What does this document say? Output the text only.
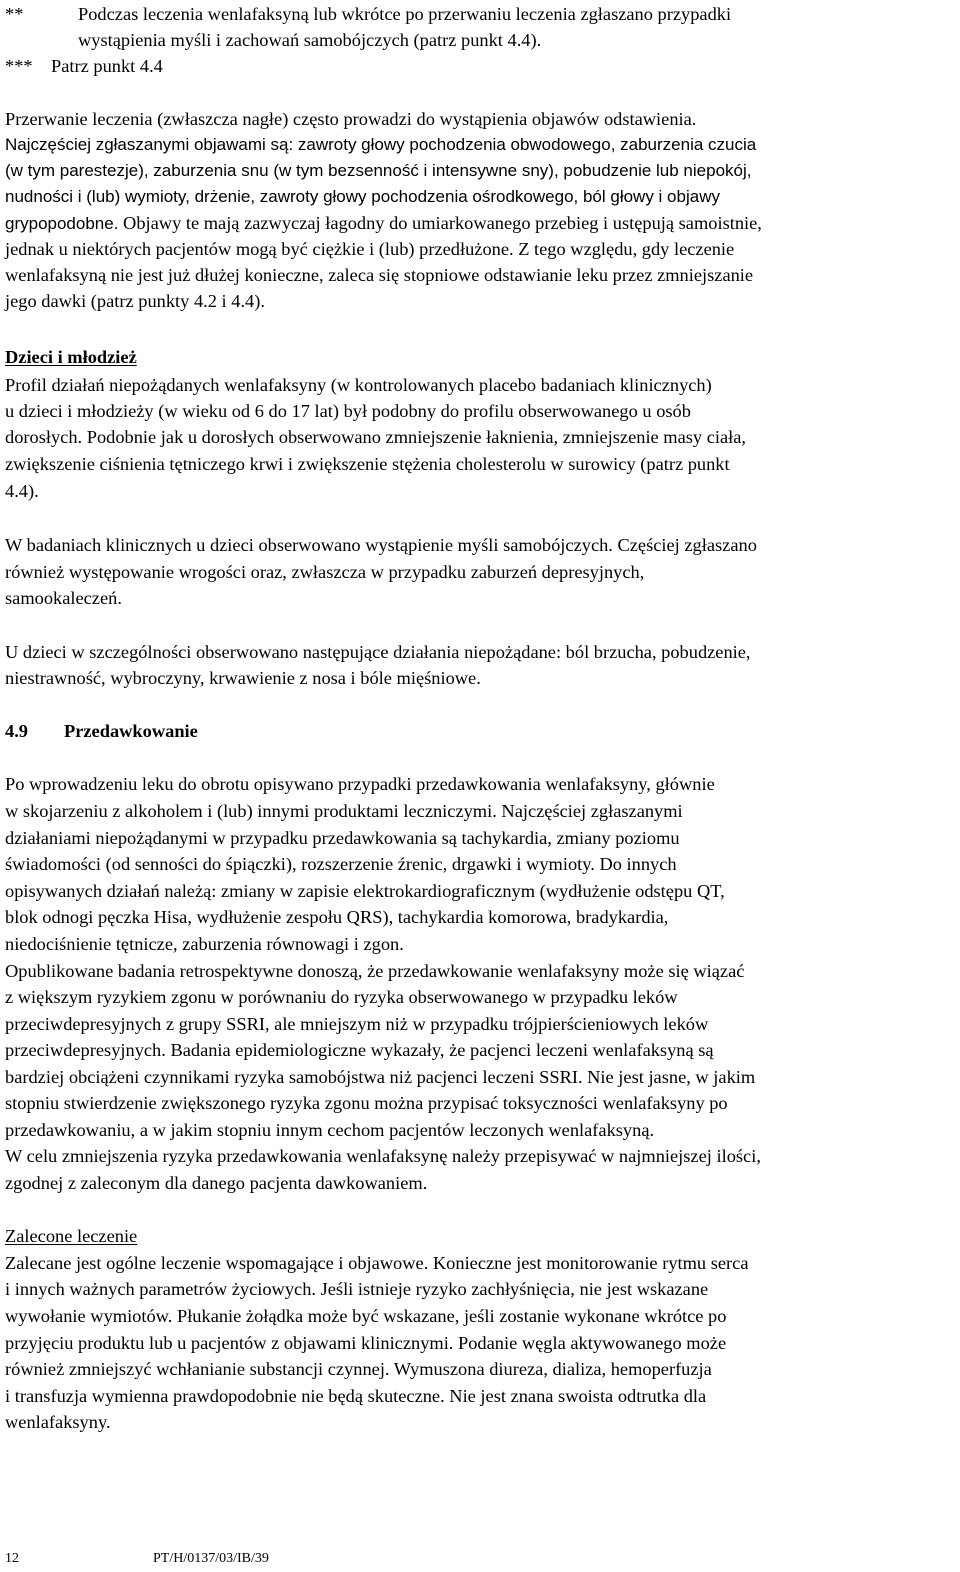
**	Podczas leczenia wenlafaksyną lub wkrótce po przerwaniu leczenia zgłaszano przypadki
wystąpienia myśli i zachowań samobójczych (patrz punkt 4.4).
*** Patrz punkt 4.4
Przerwanie leczenia (zwłaszcza nagłe) często prowadzi do wystąpienia objawów odstawienia.
Najczęściej zgłaszanymi objawami są: zawroty głowy pochodzenia obwodowego, zaburzenia czucia
(w tym parestezje), zaburzenia snu (w tym bezsenność i intensywne sny), pobudzenie lub niepokój,
nudności i (lub) wymioty, drżenie, zawroty głowy pochodzenia ośrodkowego, ból głowy i objawy
grypopodobne. Objawy te mają zazwyczaj łagodny do umiarkowanego przebieg i ustępują samoistnie,
jednak u niektórych pacjentów mogą być ciężkie i (lub) przedłużone. Z tego względu, gdy leczenie
wenlafaksyną nie jest już dłużej konieczne, zaleca się stopniowe odstawianie leku przez zmniejszanie
jego dawki (patrz punkty 4.2 i 4.4).
Dzieci i młodzież
Profil działań niepożądanych wenlafaksyny (w kontrolowanych placebo badaniach klinicznych)
u dzieci i młodzieży (w wieku od 6 do 17 lat) był podobny do profilu obserwowanego u osób
dorosłych. Podobnie jak u dorosłych obserwowano zmniejszenie łaknienia, zmniejszenie masy ciała,
zwiększenie ciśnienia tętniczego krwi i zwiększenie stężenia cholesterolu w surowicy (patrz punkt
4.4).
W badaniach klinicznych u dzieci obserwowano wystąpienie myśli samobójczych. Częściej zgłaszano
również występowanie wrogości oraz, zwłaszcza w przypadku zaburzeń depresyjnych,
samookaleczeń.
U dzieci w szczególności obserwowano następujące działania niepożądane: ból brzucha, pobudzenie,
niestrawność, wybroczyny, krwawienie z nosa i bóle mięśniowe.
4.9 Przedawkowanie
Po wprowadzeniu leku do obrotu opisywano przypadki przedawkowania wenlafaksyny, głównie
w skojarzeniu z alkoholem i (lub) innymi produktami leczniczymi. Najczęściej zgłaszanymi
działaniami niepożądanymi w przypadku przedawkowania są tachykardia, zmiany poziomu
świadomości (od senności do śpiączki), rozszerzenie źrenic, drgawki i wymioty. Do innych
opisywanych działań należą: zmiany w zapisie elektrokardiograficznym (wydłużenie odstępu QT,
blok odnogi pęczka Hisa, wydłużenie zespołu QRS), tachykardia komorowa, bradykardia,
niedociśnienie tętnicze, zaburzenia równowagi i zgon.
Opublikowane badania retrospektywne donoszą, że przedawkowanie wenlafaksyny może się wiązać
z większym ryzykiem zgonu w porównaniu do ryzyka obserwowanego w przypadku leków
przeciwdepresyjnych z grupy SSRI, ale mniejszym niż w przypadku trójpierścieniowych leków
przeciwdepresyjnych. Badania epidemiologiczne wykazały, że pacjenci leczeni wenlafaksyną są
bardziej obciążeni czynnikami ryzyka samobójstwa niż pacjenci leczeni SSRI. Nie jest jasne, w jakim
stopniu stwierdzenie zwiększonego ryzyka zgonu można przypisać toksyczności wenlafaksyny po
przedawkowaniu, a w jakim stopniu innym cechom pacjentów leczonych wenlafaksyną.
W celu zmniejszenia ryzyka przedawkowania wenlafaksynę należy przepisywać w najmniejszej ilości,
zgodnej z zaleconym dla danego pacjenta dawkowaniem.
Zalecone leczenie
Zalecane jest ogólne leczenie wspomagające i objawowe. Konieczne jest monitorowanie rytmu serca
i innych ważnych parametrów życiowych. Jeśli istnieje ryzyko zachłyśnięcia, nie jest wskazane
wywołanie wymiotów. Płukanie żołądka może być wskazane, jeśli zostanie wykonane wkrótce po
przyjęciu produktu lub u pacjentów z objawami klinicznymi. Podanie węgla aktywowanego może
również zmniejszyć wchłanianie substancji czynnej. Wymuszona diureza, dializa, hemoperfuzja
i transfuzja wymienna prawdopodobnie nie będą skuteczne. Nie jest znana swoista odtrutka dla
wenlafaksyny.
12	PT/H/0137/03/IB/39
